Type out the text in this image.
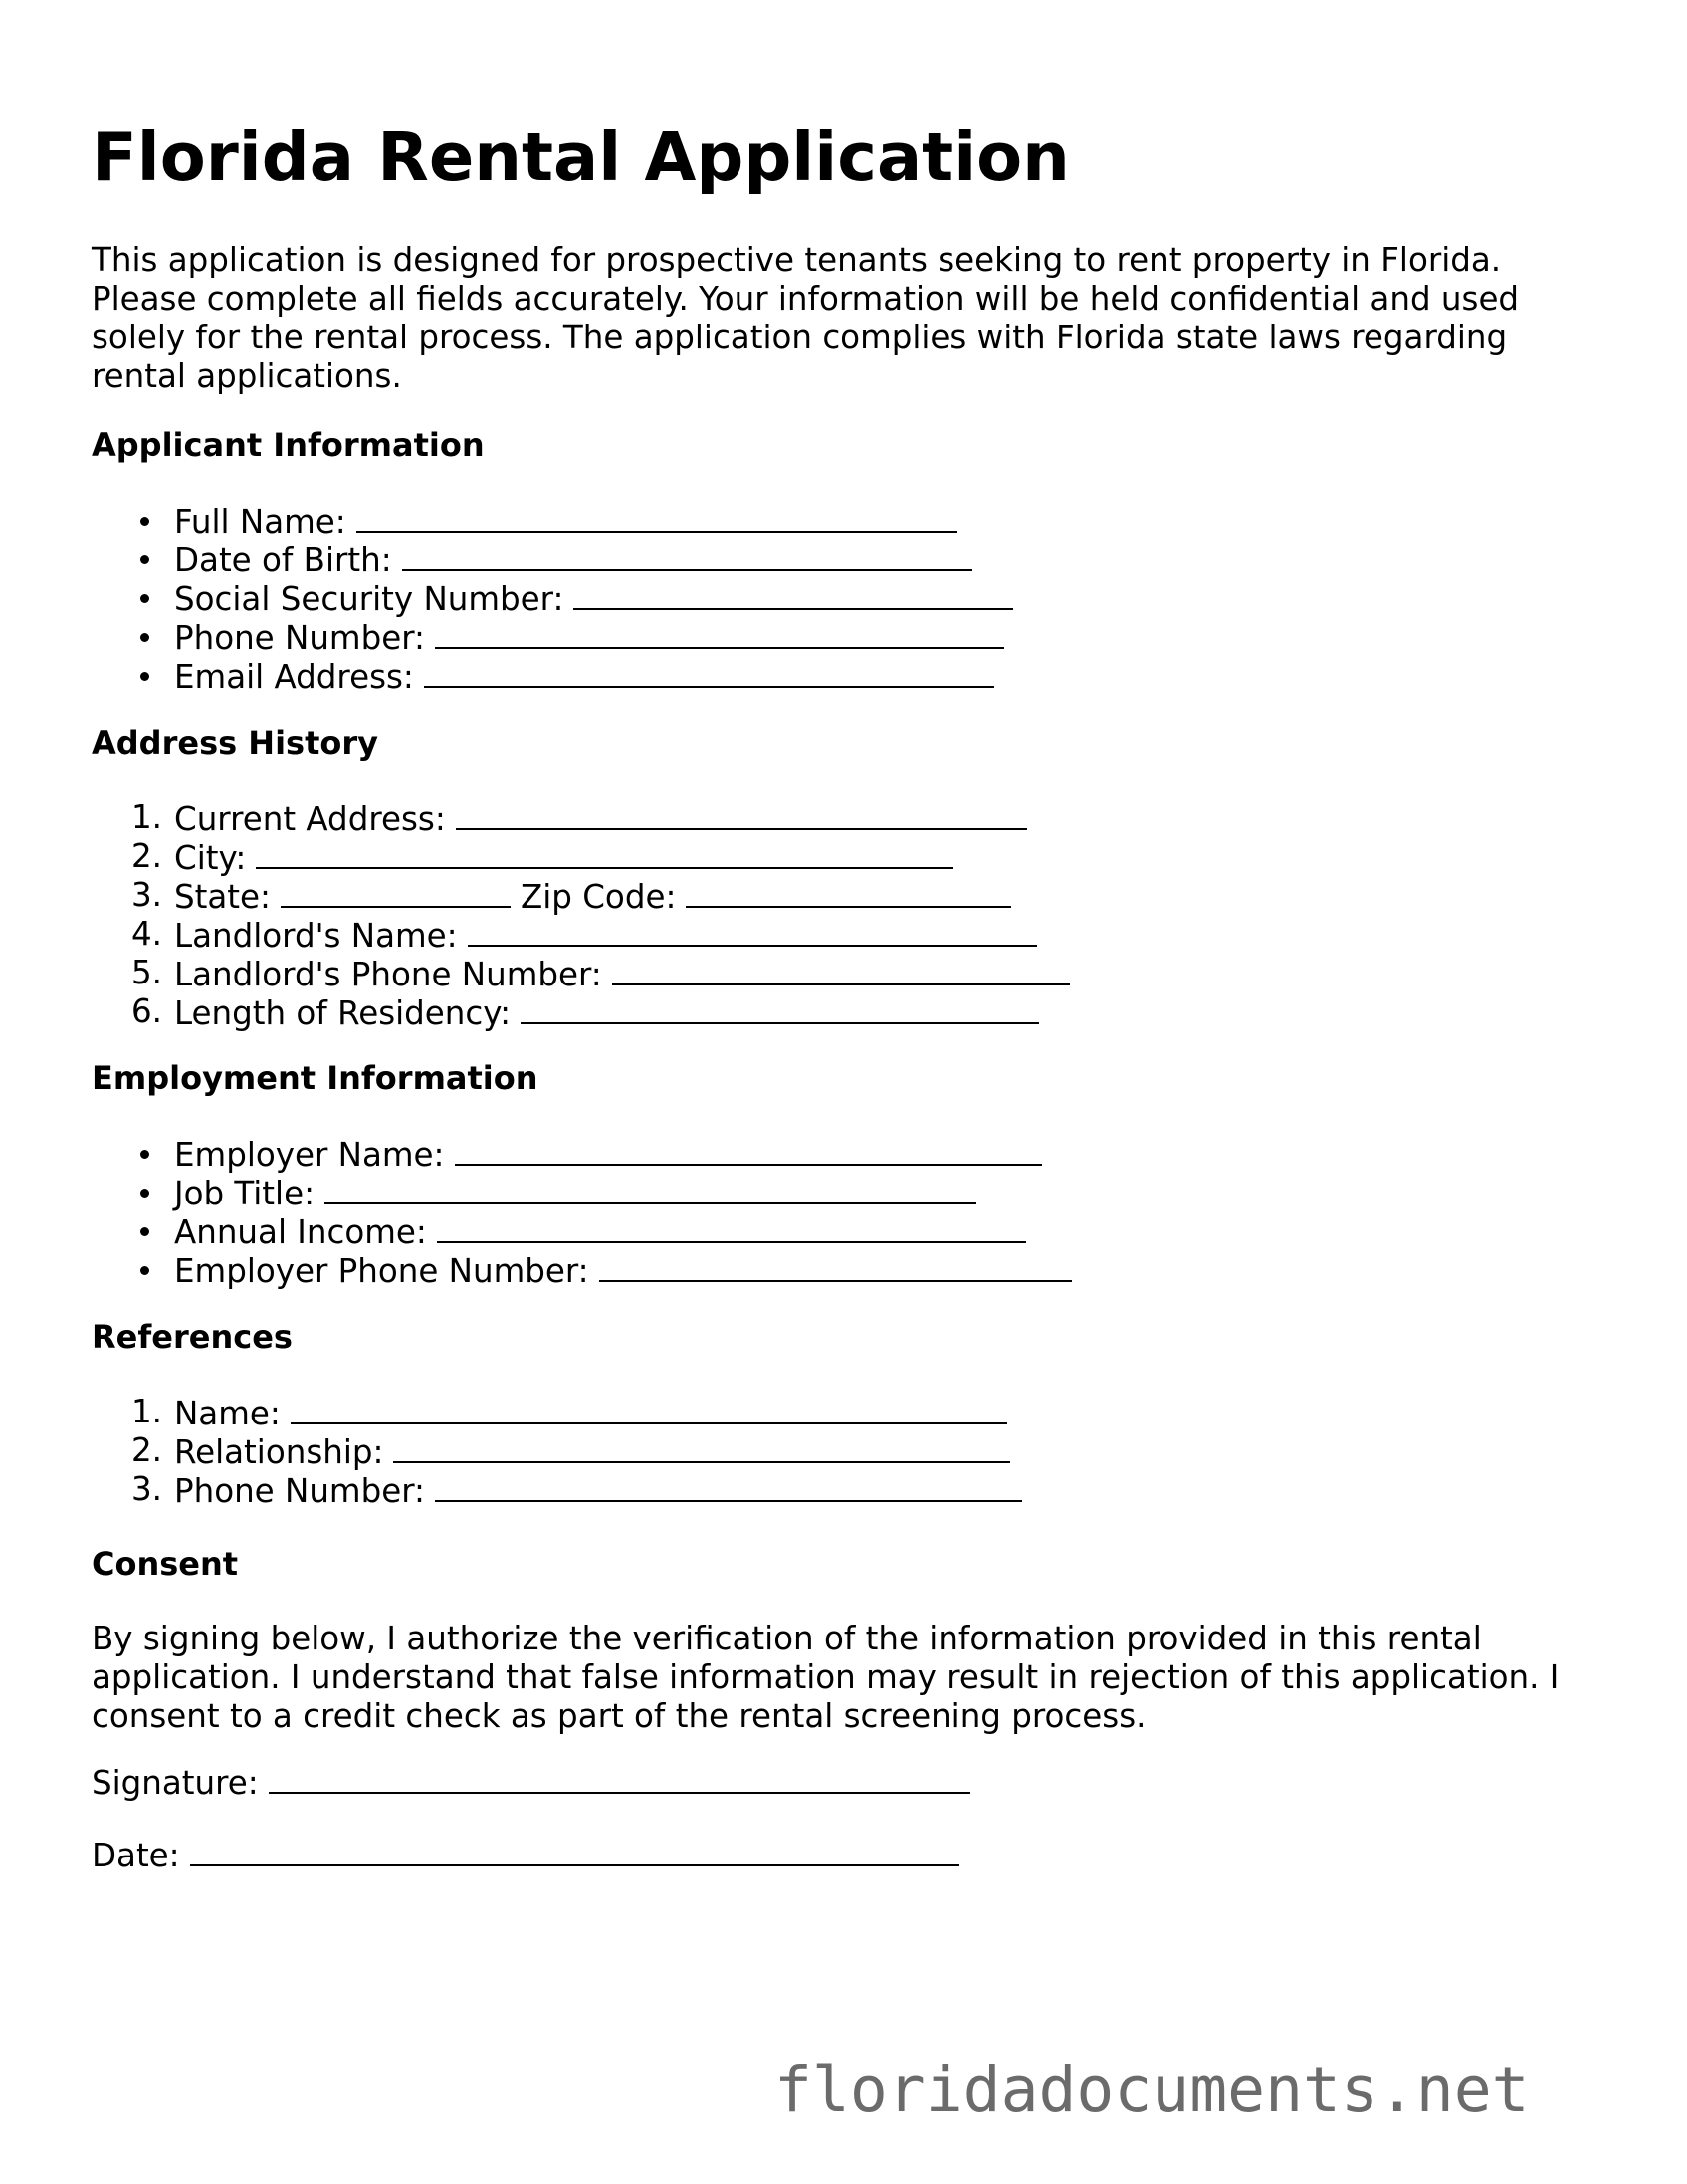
Florida Rental Application

This application is designed for prospective tenants seeking to rent property in Florida. Please complete all fields accurately. Your information will be held confidential and used solely for the rental process. The application complies with Florida state laws regarding rental applications.

Applicant Information
Full Name:
Date of Birth:
Social Security Number:
Phone Number:
Email Address:
Address History
1. Current Address:
2. City:
3. State:	Zip Code:
4. Landlord's Name:
5. Landlord's Phone Number:
6. Length of Residency:
Employment Information
Employer Name:
Job Title:
Annual Income:
Employer Phone Number:
References
1. Name:
2. Relationship:
3. Phone Number:
Consent

By signing below, I authorize the verification of the information provided in this rental application. I understand that false information may result in rejection of this application. I consent to a credit check as part of the rental screening process.

Signature:

Date:

floridadocuments.net
